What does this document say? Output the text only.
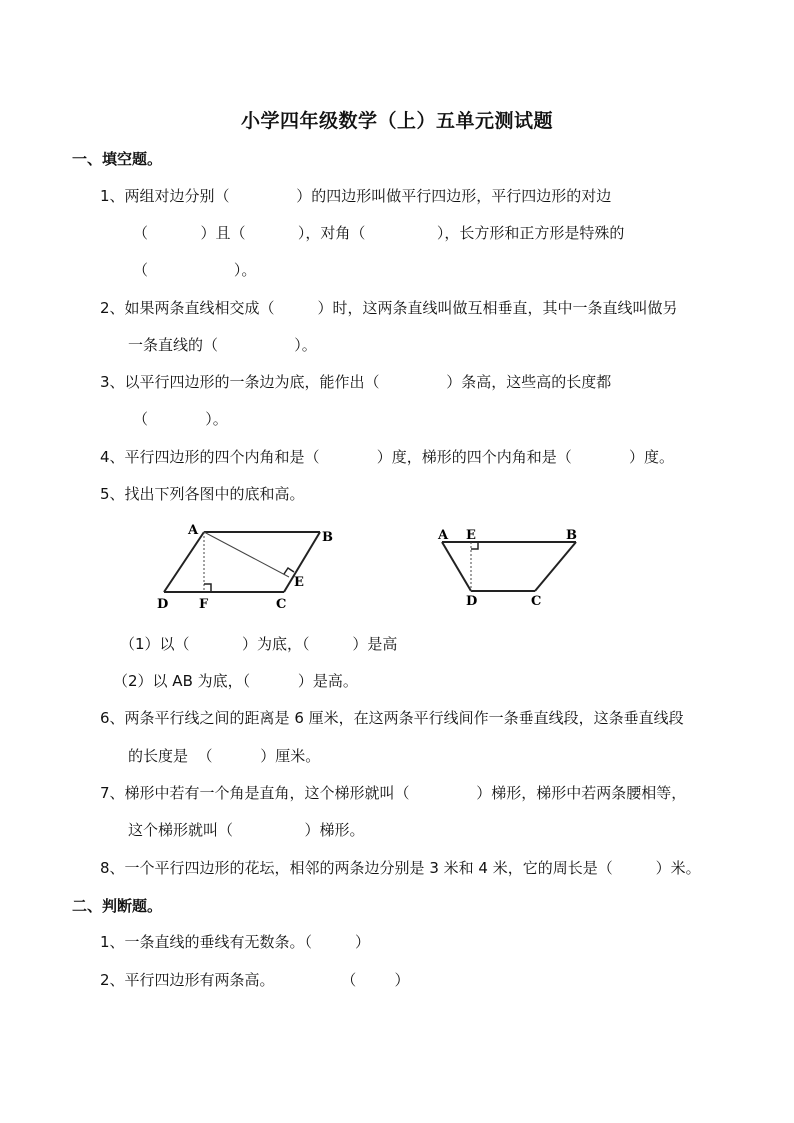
小学四年级数学（上）五单元测试题
一、填空题。
1、两组对边分别（              ）的四边形叫做平行四边形，平行四边形的对边
（           ）且（           ），对角（               ），长方形和正方形是特殊的
（                  ）。
2、如果两条直线相交成（         ）时，这两条直线叫做互相垂直，其中一条直线叫做另
一条直线的（                ）。
3、以平行四边形的一条边为底，能作出（              ）条高，这些高的长度都
（            ）。
4、平行四边形的四个内角和是（            ）度，梯形的四个内角和是（            ）度。
5、找出下列各图中的底和高。
A	B
C
D
E
F
A E	B
D	C
（1）以（           ）为底，（         ）是高
（2）以 AB 为底，（          ）是高。
6、两条平行线之间的距离是 6 厘米，在这两条平行线间作一条垂直线段，这条垂直线段
的长度是  （          ）厘米。
7、梯形中若有一个角是直角，这个梯形就叫（              ）梯形，梯形中若两条腰相等，
这个梯形就叫（               ）梯形。
8、一个平行四边形的花坛，相邻的两条边分别是 3 米和 4 米，它的周长是（         ）米。
二、判断题。
1、一条直线的垂线有无数条。（         ）
2、平行四边形有两条高。              （        ）
